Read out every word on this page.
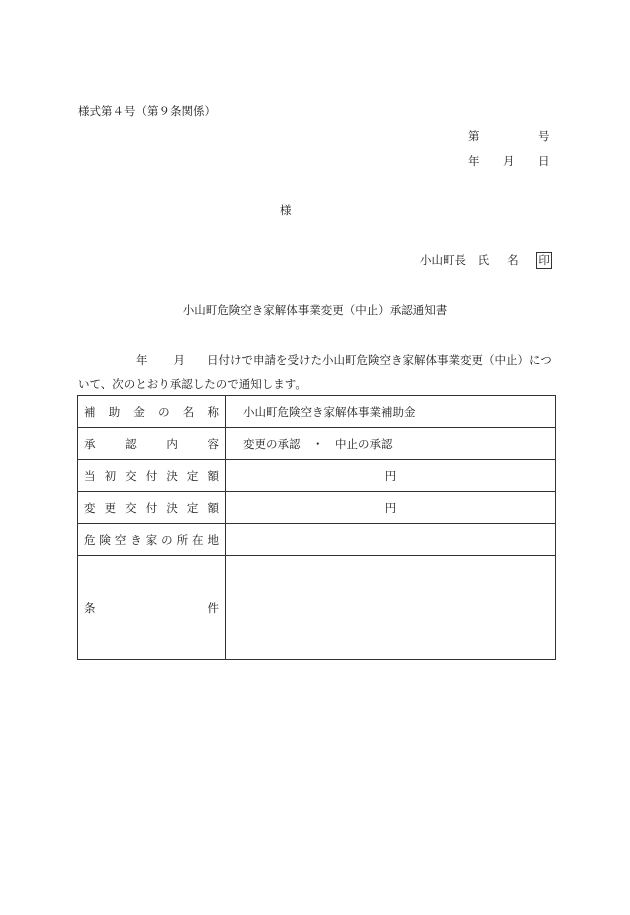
様式第４号（第９条関係）
第	号
年 月 日
様
小山町長 氏名 印
小山町危険空き家解体事業変更（中止）承認通知書
年 月 日付けで申請を受けた小山町危険空き家解体事業変更（中止）について、次のとおり承認したので通知します。
補助金の名称	小山町危険空き家解体事業補助金
承認内容	変更の承認　・　中止の承認
当初交付決定額	円
変更交付決定額	円
危険空き家の所在地	
条件	
